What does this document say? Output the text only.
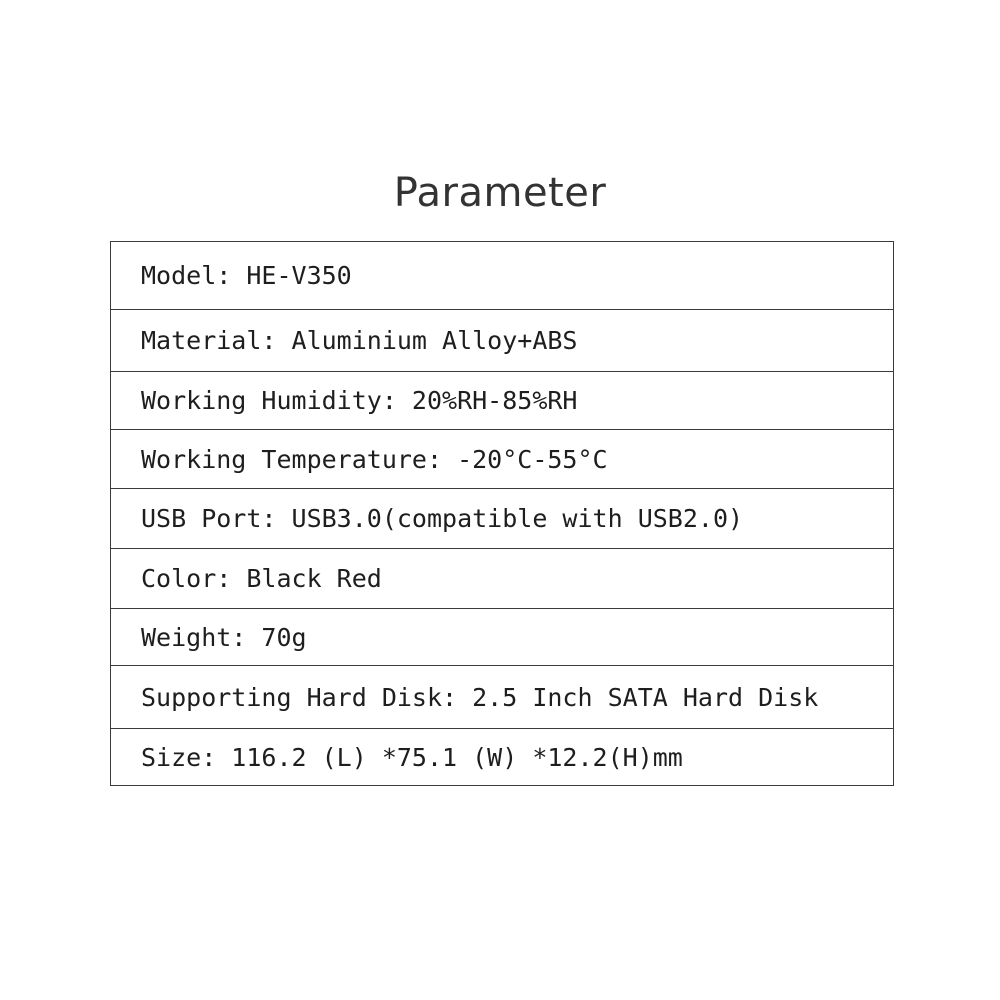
Parameter
Model: HE-V350
Material: Aluminium Alloy+ABS
Working Humidity: 20%RH-85%RH
Working Temperature: -20°C-55°C
USB Port: USB3.0(compatible with USB2.0)
Color: Black Red
Weight: 70g
Supporting Hard Disk: 2.5 Inch SATA Hard Disk
Size: 116.2 (L) *75.1 (W) *12.2(H)mm
